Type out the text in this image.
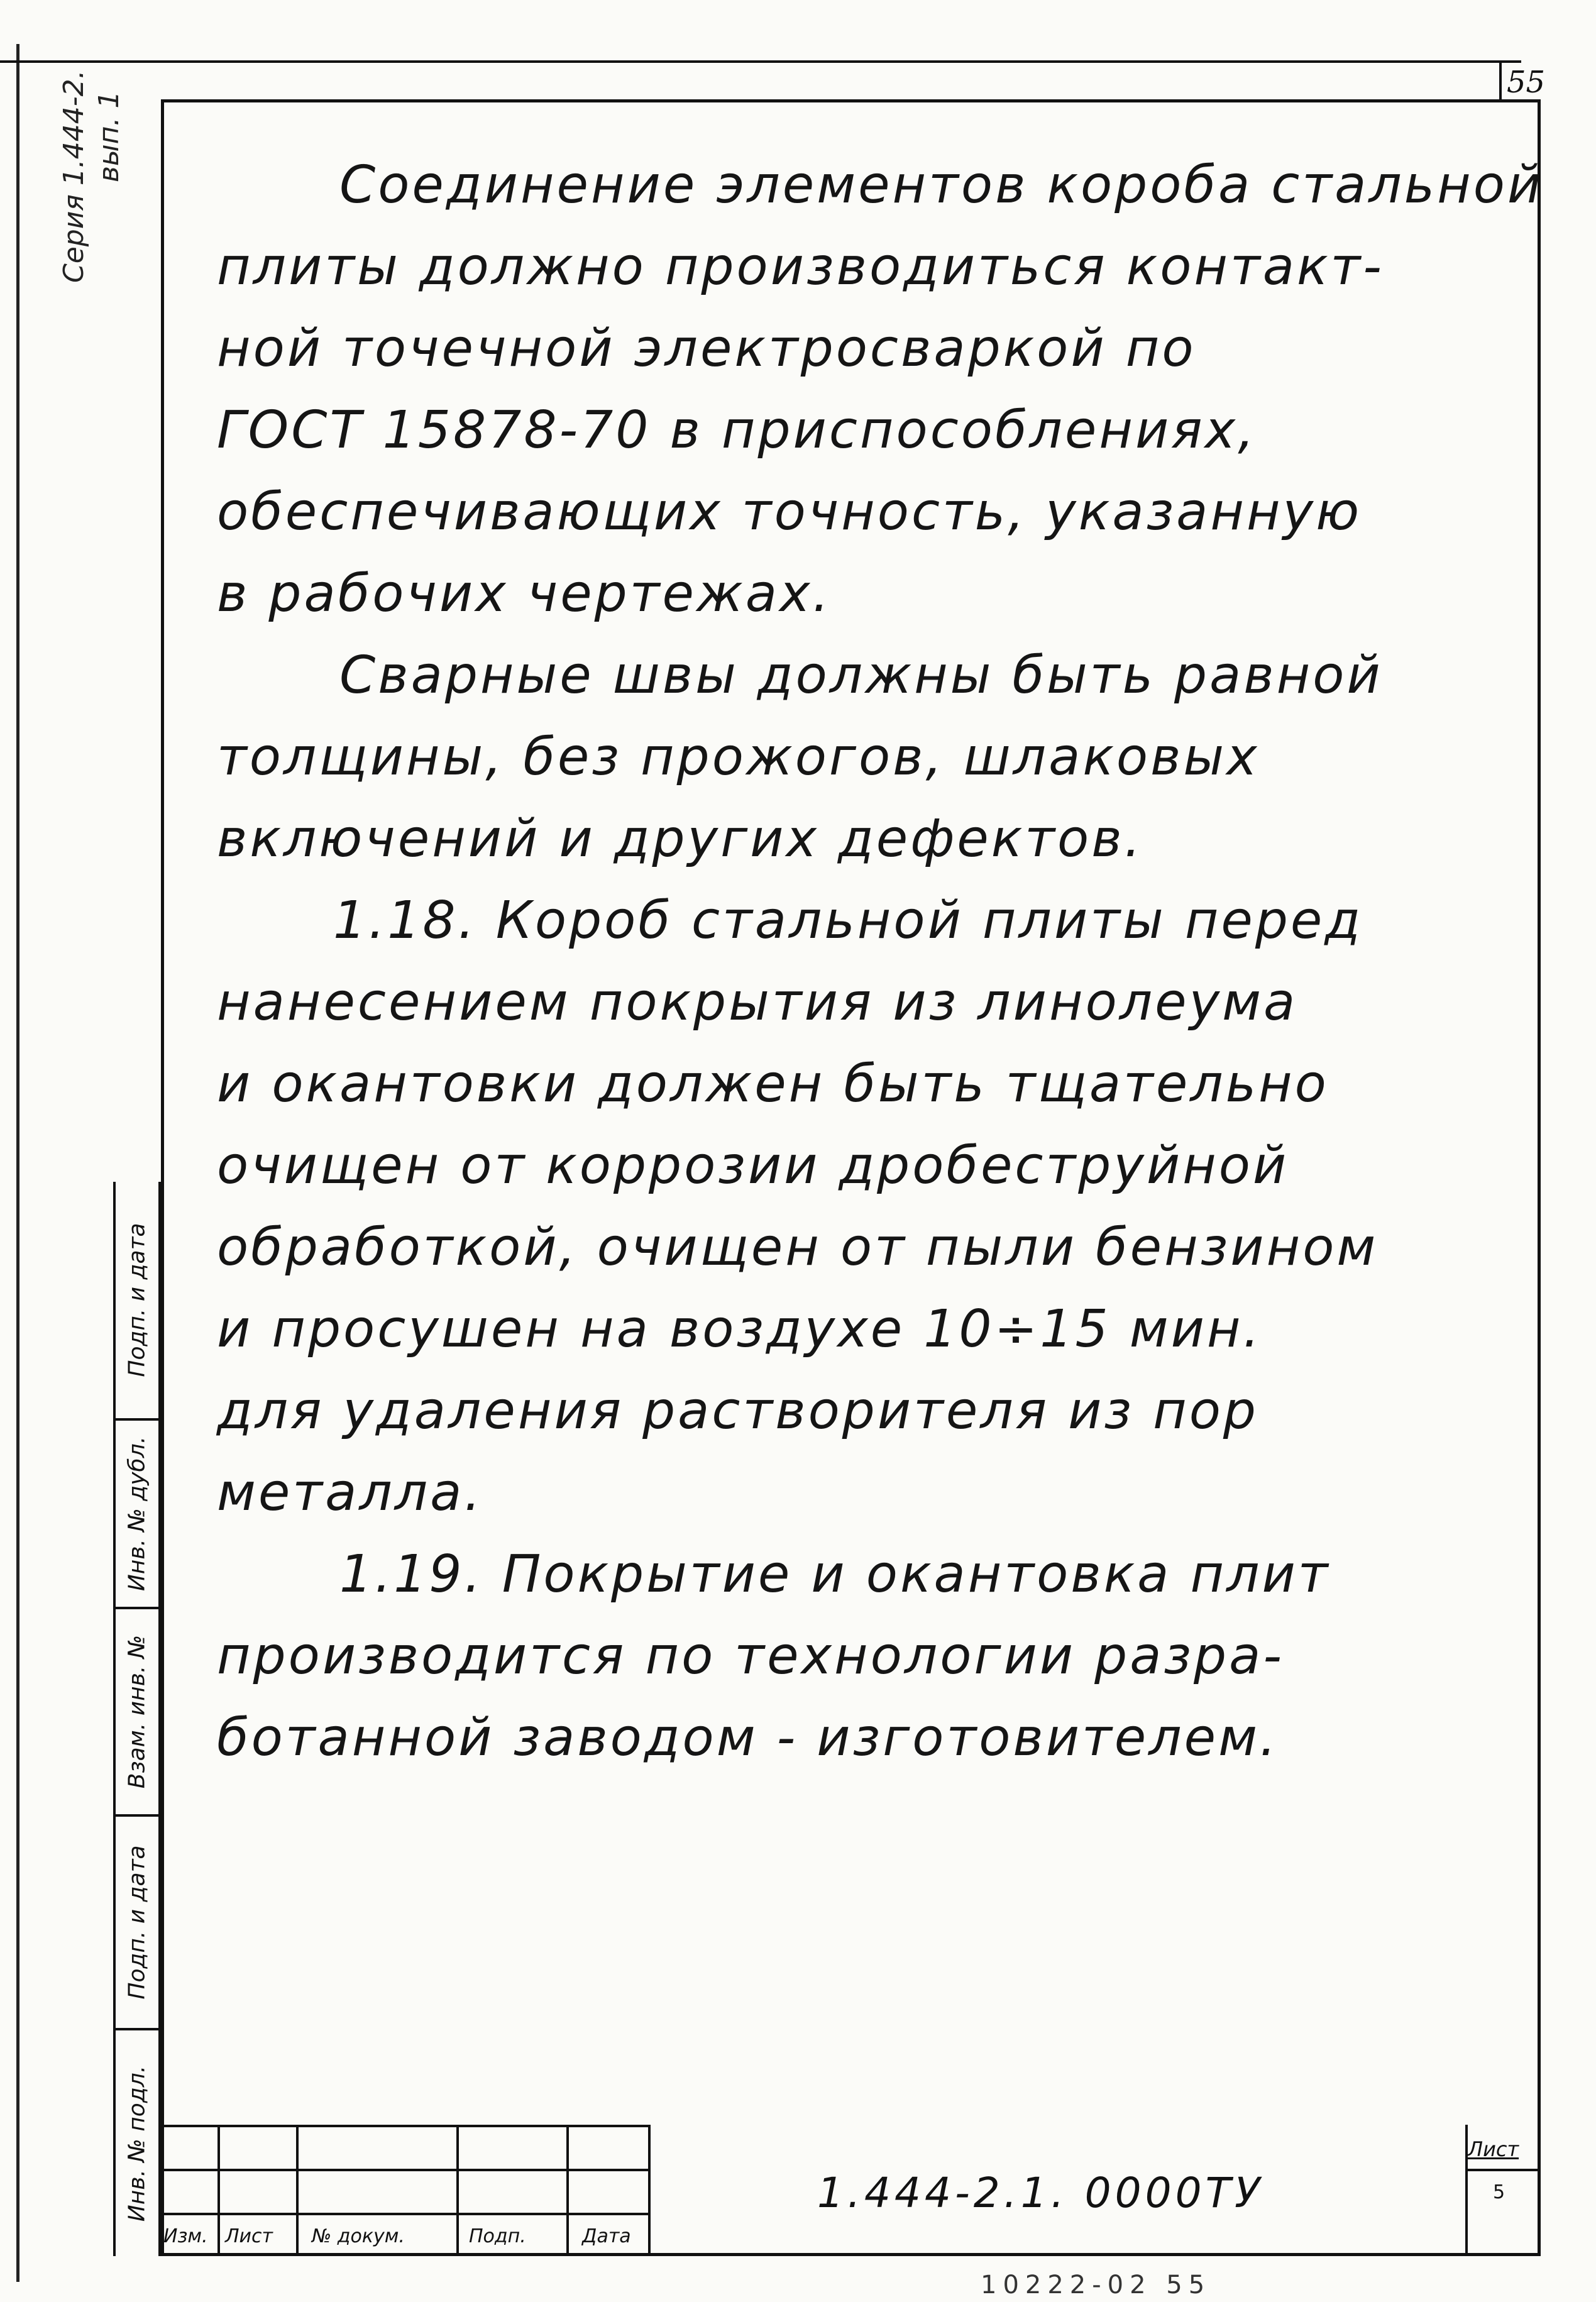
55
Серия 1.444-2. вып. 1
Соединение элементов короба стальной
плиты должно производиться контакт-
ной точечной электросваркой по
ГОСТ 15878-70 в приспособлениях,
обеспечивающих точность, указанную
в рабочих чертежах.
Сварные швы должны быть равной
толщины, без прожогов, шлаковых
включений и других дефектов.
1.18. Короб стальной плиты перед
нанесением покрытия из линолеума
и окантовки должен быть тщательно
очищен от коррозии дробеструйной
обработкой, очищен от пыли бензином
и просушен на воздухе 10÷15 мин.
для удаления растворителя из пор
металла.
1.19. Покрытие и окантовка плит
производится по технологии разра-
ботанной заводом - изготовителем.
Подп. и дата
Инв. № дубл.
Взам. инв. №
Подп. и дата
Инв. № подл.
Изм. Лист № докум.	Подп.	Дата
1.444-2.1. 0000ТУ
Лист
5
10222-02 55
